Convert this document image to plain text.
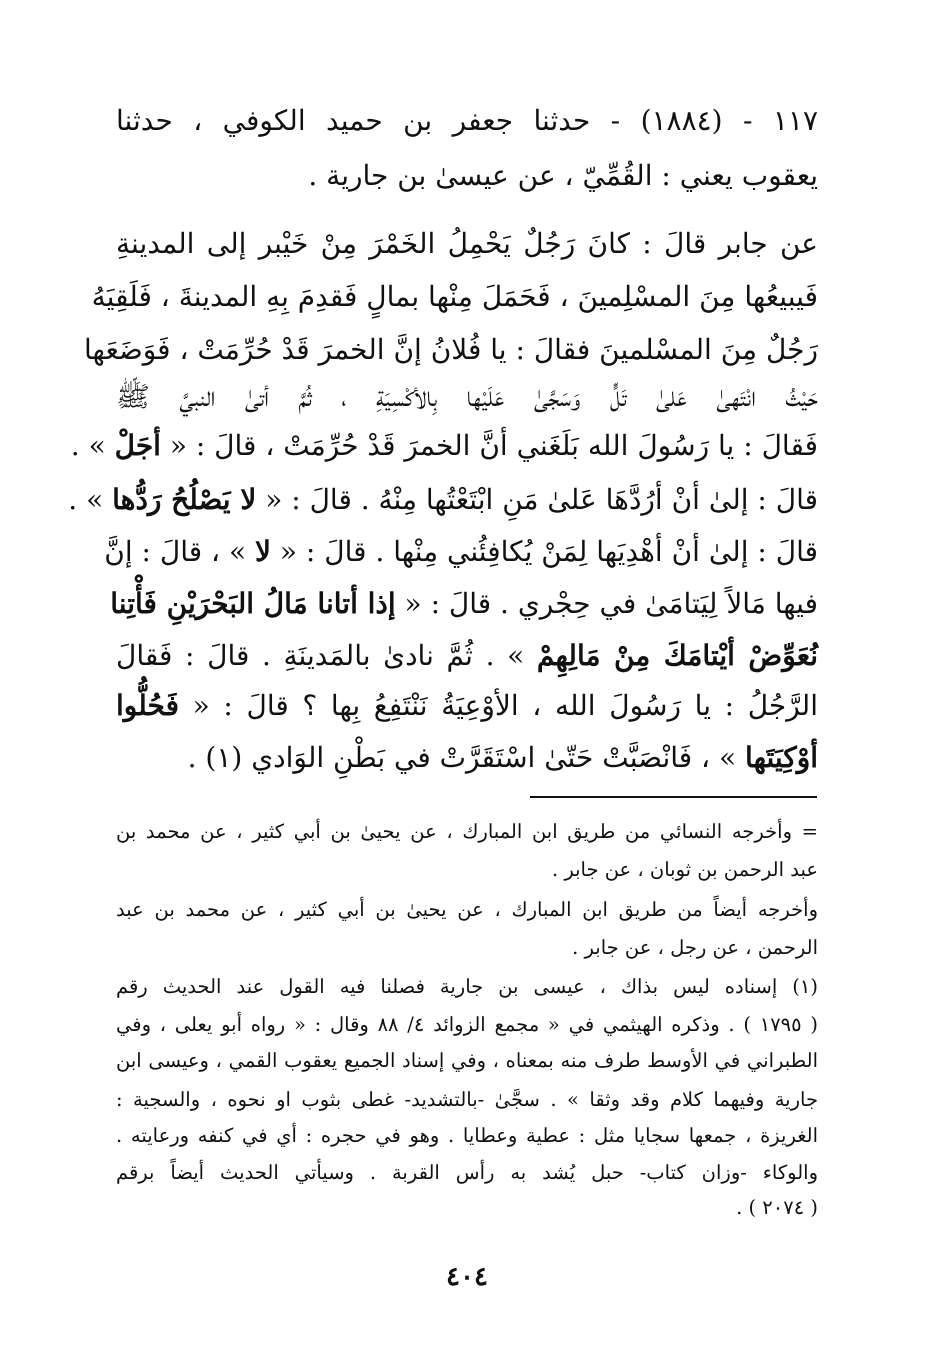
١١٧ - (١٨٨٤) - حدثنا جعفر بن حميد الكوفي ، حدثنا
يعقوب يعني : القُمِّيّ ، عن عيسىٰ بن جارية .
عن جابر قالَ : كانَ رَجُلٌ يَحْمِلُ الخَمْرَ مِنْ خَيْبر إلى المدينةِ
فَيبيعُها مِنَ المسْلِمينَ ، فَحَمَلَ مِنْها بمالٍ فَقدِمَ بِهِ المدينةَ ، فَلَقِيَهُ
رَجُلٌ مِنَ المسْلمينَ فقالَ : يا فُلانُ إنَّ الخمرَ قَدْ حُرِّمَتْ ، فَوَضَعَها
حَيْثُ انْتَهىٰ عَلىٰ تَلٍّ وَسَجَّىٰ عَلَيْها بِالأكْسِيَةِ ، ثُمَّ أتىٰ النبيَّ ﷺ
فَقالَ : يا رَسُولَ الله بَلَغَني أنَّ الخمرَ قَدْ حُرِّمَتْ ، قالَ : « أجَلْ » .
قالَ : إلىٰ أنْ أرُدَّهَا عَلىٰ مَنِ ابْتَعْتُها مِنْهُ . قالَ : « لا يَصْلُحُ رَدُّها » .
قالَ : إلىٰ أنْ أهْدِيَها لِمَنْ يُكافِئُني مِنْها . قالَ : « لا » ، قالَ : إنَّ
فيها مَالاً لِيَتامَىٰ في حِجْري . قالَ : « إذا أتانا مَالُ البَحْرَيْنِ فَأْتِنا
نُعَوِّضْ أيْتامَكَ مِنْ مَالِهِمْ » . ثُمَّ نادىٰ بالمَدينَةِ . قالَ : فَقالَ
الرَّجُلُ : يا رَسُولَ الله ، الأوْعِيَةُ نَنْتَفِعُ بِها ؟ قالَ : « فَحُلُّوا
أوْكِيَتَها » ، فَانْصَبَّتْ حَتّىٰ اسْتَقَرَّتْ في بَطْنِ الوَادي (١) .
= وأخرجه النسائي من طريق ابن المبارك ، عن يحيىٰ بن أبي كثير ، عن محمد بن
عبد الرحمن بن ثوبان ، عن جابر .
وأخرجه أيضاً من طريق ابن المبارك ، عن يحيىٰ بن أبي كثير ، عن محمد بن عبد
الرحمن ، عن رجل ، عن جابر .
(١) إسناده ليس بذاك ، عيسى بن جارية فصلنا فيه القول عند الحديث رقم
( ١٧٩٥ ) . وذكره الهيثمي في « مجمع الزوائد ٤/ ٨٨ وقال : « رواه أبو يعلى ، وفي
الطبراني في الأوسط طرف منه بمعناه ، وفي إسناد الجميع يعقوب القمي ، وعيسى ابن
جارية وفيهما كلام وقد وثقا » . سجَّىٰ -بالتشديد- غطى بثوب او نحوه ، والسجية :
الغريزة ، جمعها سجايا مثل : عطية وعطايا . وهو في حجره : أي في كنفه ورعايته .
والوكاء -وزان كتاب- حبل يُشد به رأس القربة . وسيأتي الحديث أيضاً برقم
( ٢٠٧٤ ) .
٤٠٤
